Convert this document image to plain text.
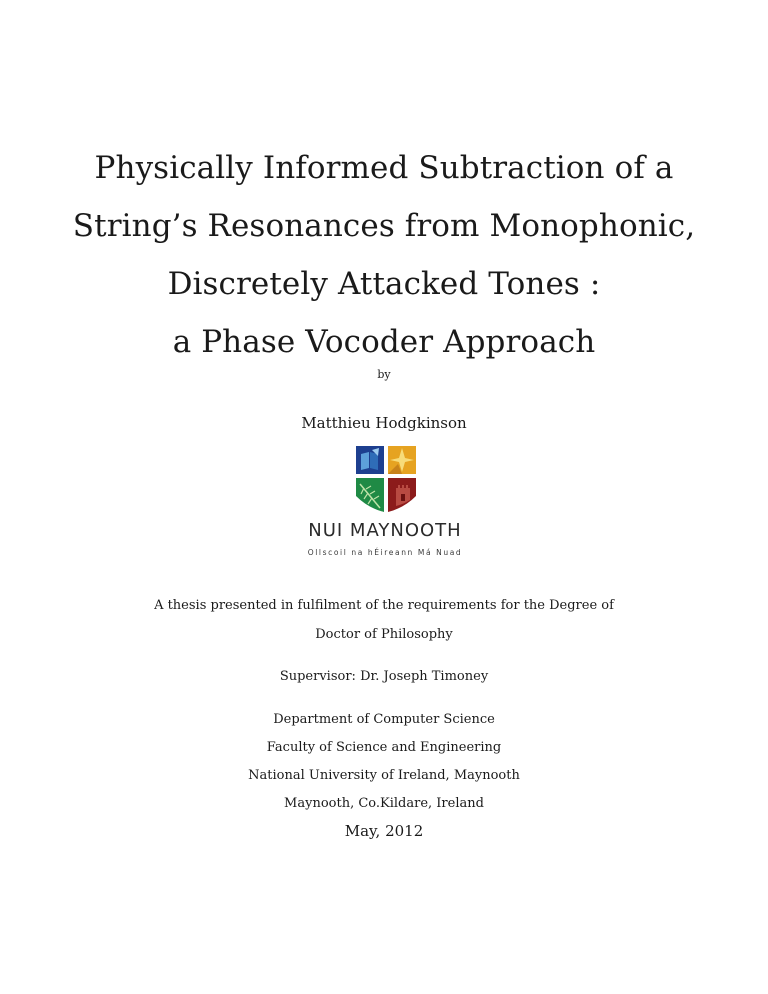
Physically Informed Subtraction of a
String’s Resonances from Monophonic,
Discretely Attacked Tones :
a Phase Vocoder Approach
by
Matthieu Hodgkinson
NUI MAYNOOTH
Ollscoil na hÉireann Má Nuad
A thesis presented in fulfilment of the requirements for the Degree of
Doctor of Philosophy
Supervisor: Dr. Joseph Timoney
Department of Computer Science
Faculty of Science and Engineering
National University of Ireland, Maynooth
Maynooth, Co.Kildare, Ireland
May, 2012
